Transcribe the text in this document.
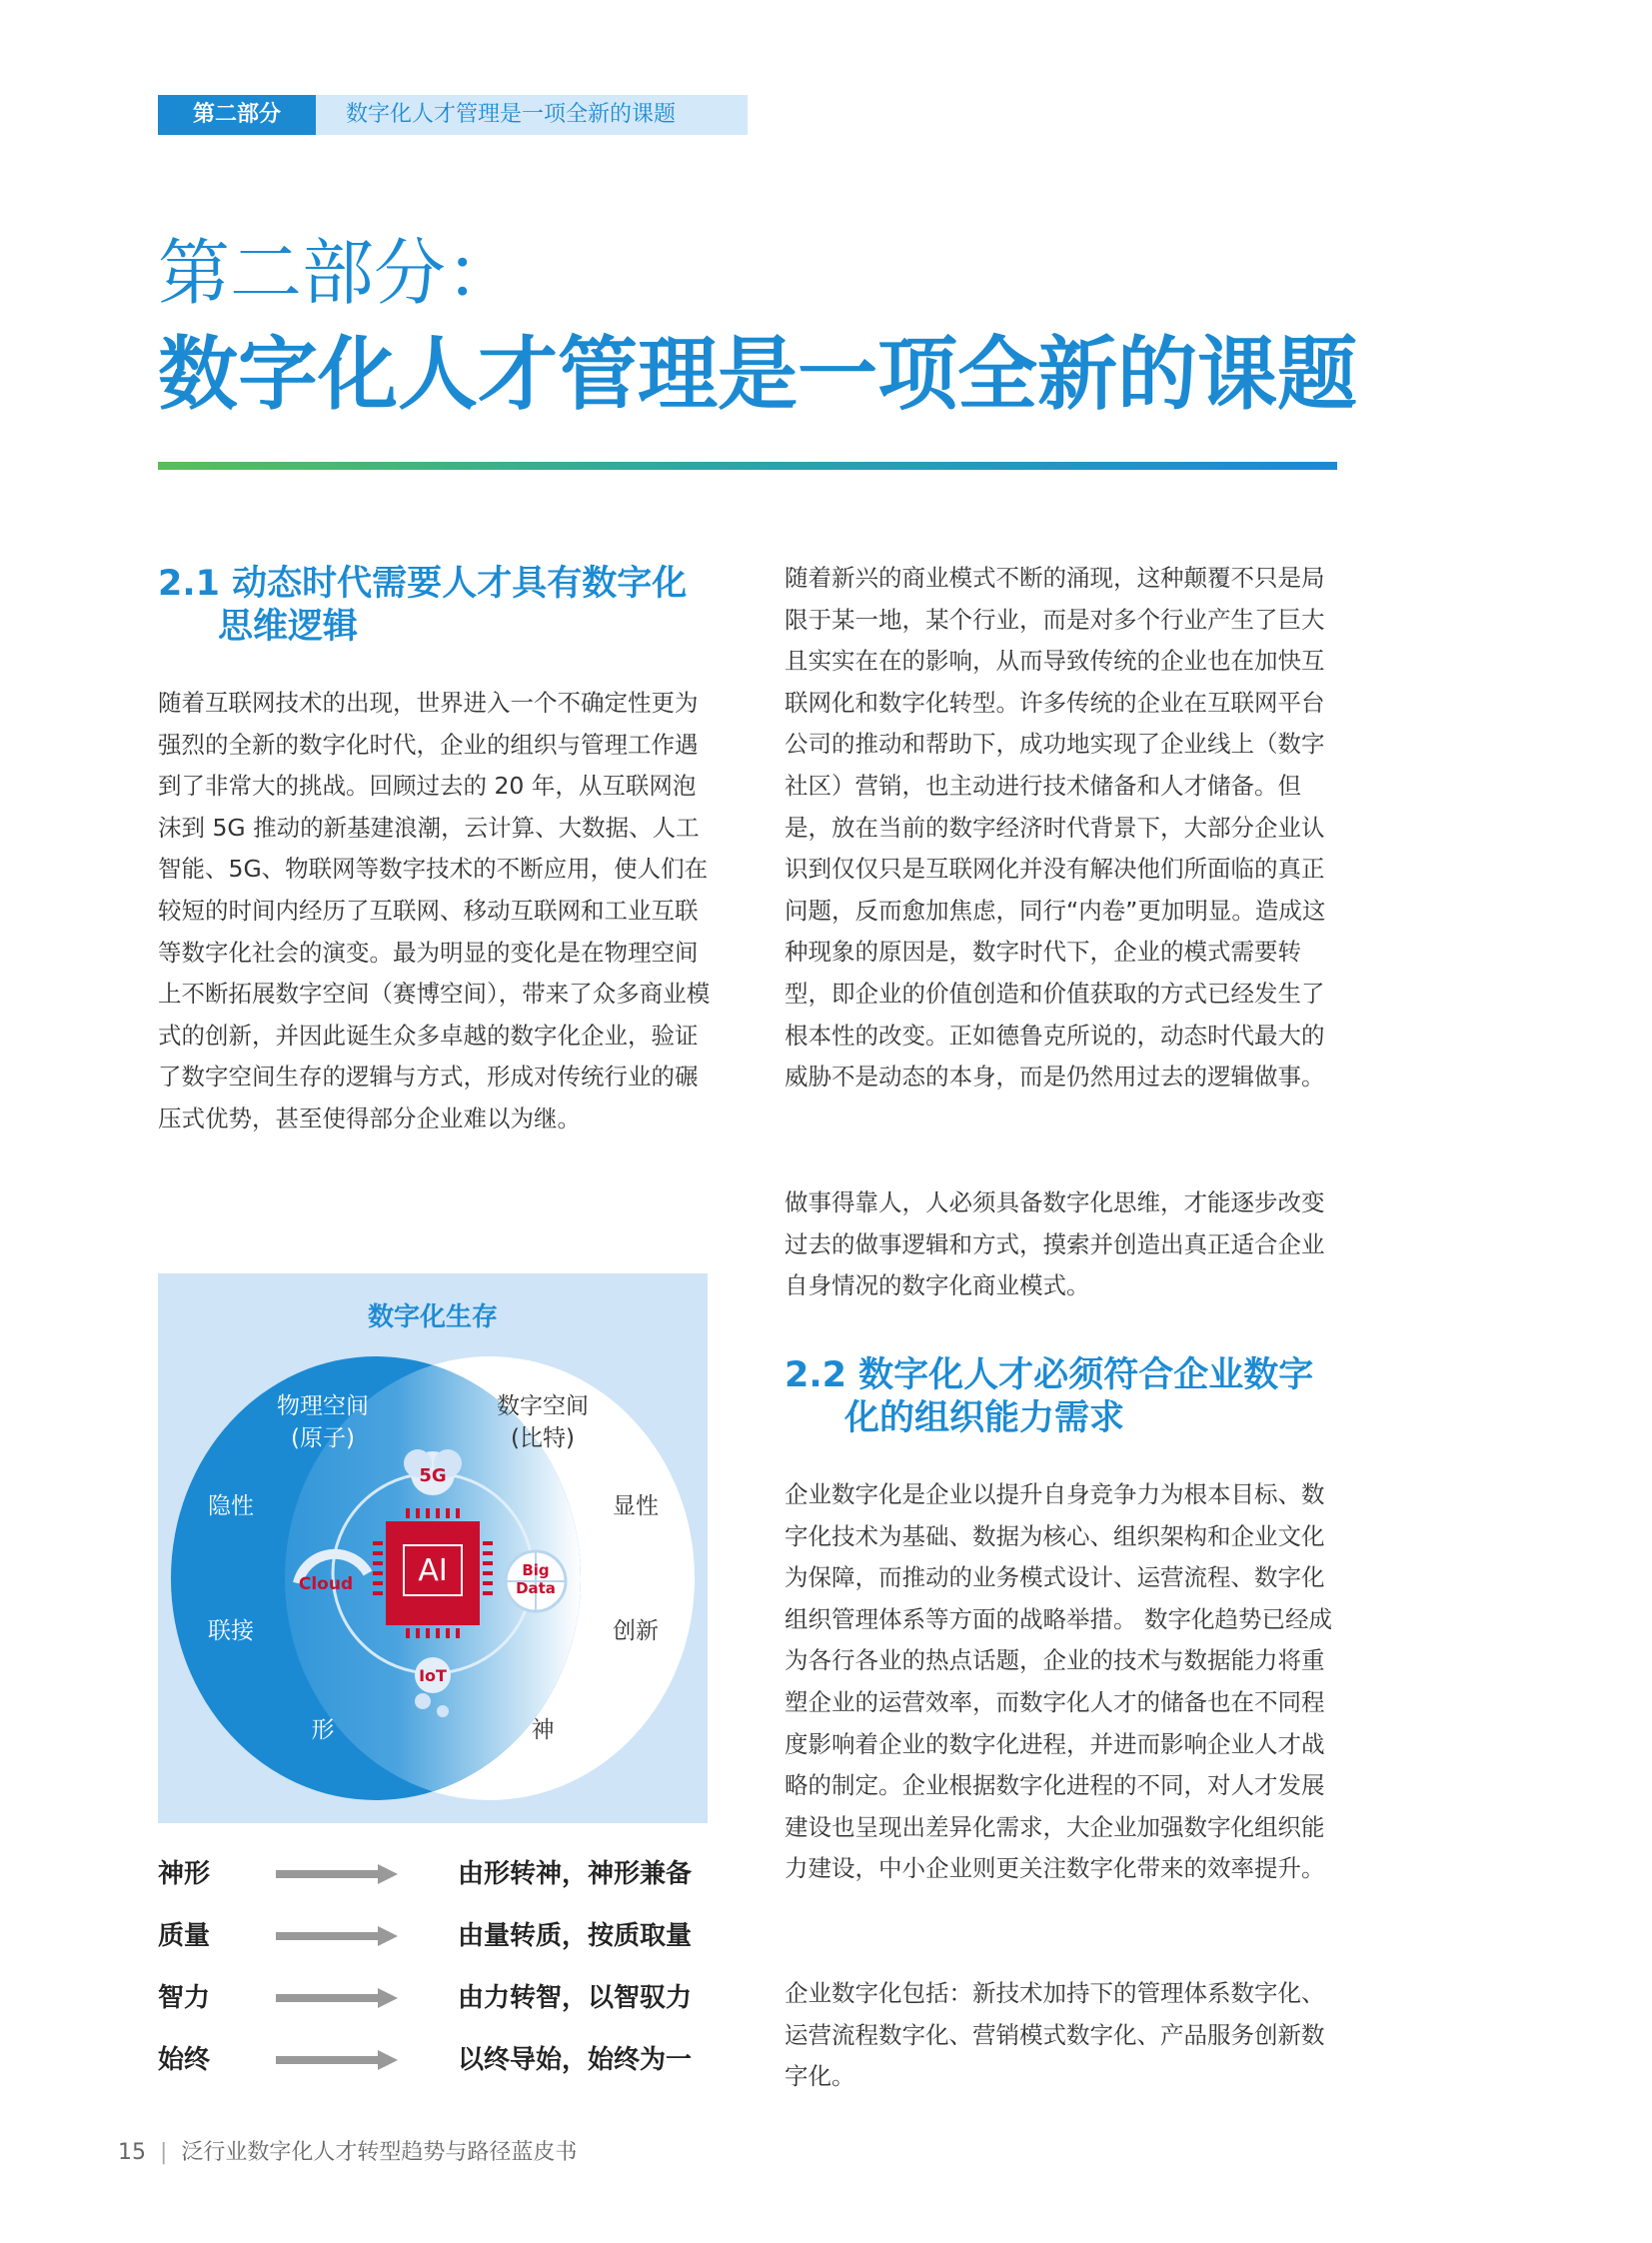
第二部分	数字化人才管理是一项全新的课题
第二部分：
数字化人才管理是一项全新的课题
2.1 动态时代需要人才具有数字化
思维逻辑

随着互联网技术的出现，世界进入一个不确定性更为强烈的全新的数字化时代，企业的组织与管理工作遇到了非常大的挑战。回顾过去的 20 年，从互联网泡沫到 5G 推动的新基建浪潮，云计算、大数据、人工智能、5G、物联网等数字技术的不断应用，使人们在较短的时间内经历了互联网、移动互联网和工业互联等数字化社会的演变。最为明显的变化是在物理空间上不断拓展数字空间（赛博空间），带来了众多商业模式的创新，并因此诞生众多卓越的数字化企业，验证了数字空间生存的逻辑与方式，形成对传统行业的碾压式优势，甚至使得部分企业难以为继。

数字化生存
物理空间
(原子)
数字空间
(比特)
隐性
联接
形
显性
创新
神
5G
Cloud
Big
Data
IoT
AI
神形	由形转神，神形兼备
质量	由量转质，按质取量
智力	由力转智，以智驭力
始终	以终导始，始终为一

随着新兴的商业模式不断的涌现，这种颠覆不只是局限于某一地，某个行业，而是对多个行业产生了巨大且实实在在的影响，从而导致传统的企业也在加快互联网化和数字化转型。许多传统的企业在互联网平台公司的推动和帮助下，成功地实现了企业线上（数字社区）营销，也主动进行技术储备和人才储备。但是，放在当前的数字经济时代背景下，大部分企业认识到仅仅只是互联网化并没有解决他们所面临的真正问题，反而愈加焦虑，同行“内卷”更加明显。造成这种现象的原因是，数字时代下，企业的模式需要转型，即企业的价值创造和价值获取的方式已经发生了根本性的改变。正如德鲁克所说的，动态时代最大的威胁不是动态的本身，而是仍然用过去的逻辑做事。

做事得靠人，人必须具备数字化思维，才能逐步改变过去的做事逻辑和方式，摸索并创造出真正适合企业自身情况的数字化商业模式。

2.2 数字化人才必须符合企业数字
化的组织能力需求

企业数字化是企业以提升自身竞争力为根本目标、数字化技术为基础、数据为核心、组织架构和企业文化为保障，而推动的业务模式设计、运营流程、数字化组织管理体系等方面的战略举措。 数字化趋势已经成为各行各业的热点话题，企业的技术与数据能力将重塑企业的运营效率，而数字化人才的储备也在不同程度影响着企业的数字化进程，并进而影响企业人才战略的制定。企业根据数字化进程的不同，对人才发展建设也呈现出差异化需求，大企业加强数字化组织能力建设，中小企业则更关注数字化带来的效率提升。

企业数字化包括：新技术加持下的管理体系数字化、运营流程数字化、营销模式数字化、产品服务创新数字化。

15 | 泛行业数字化人才转型趋势与路径蓝皮书
